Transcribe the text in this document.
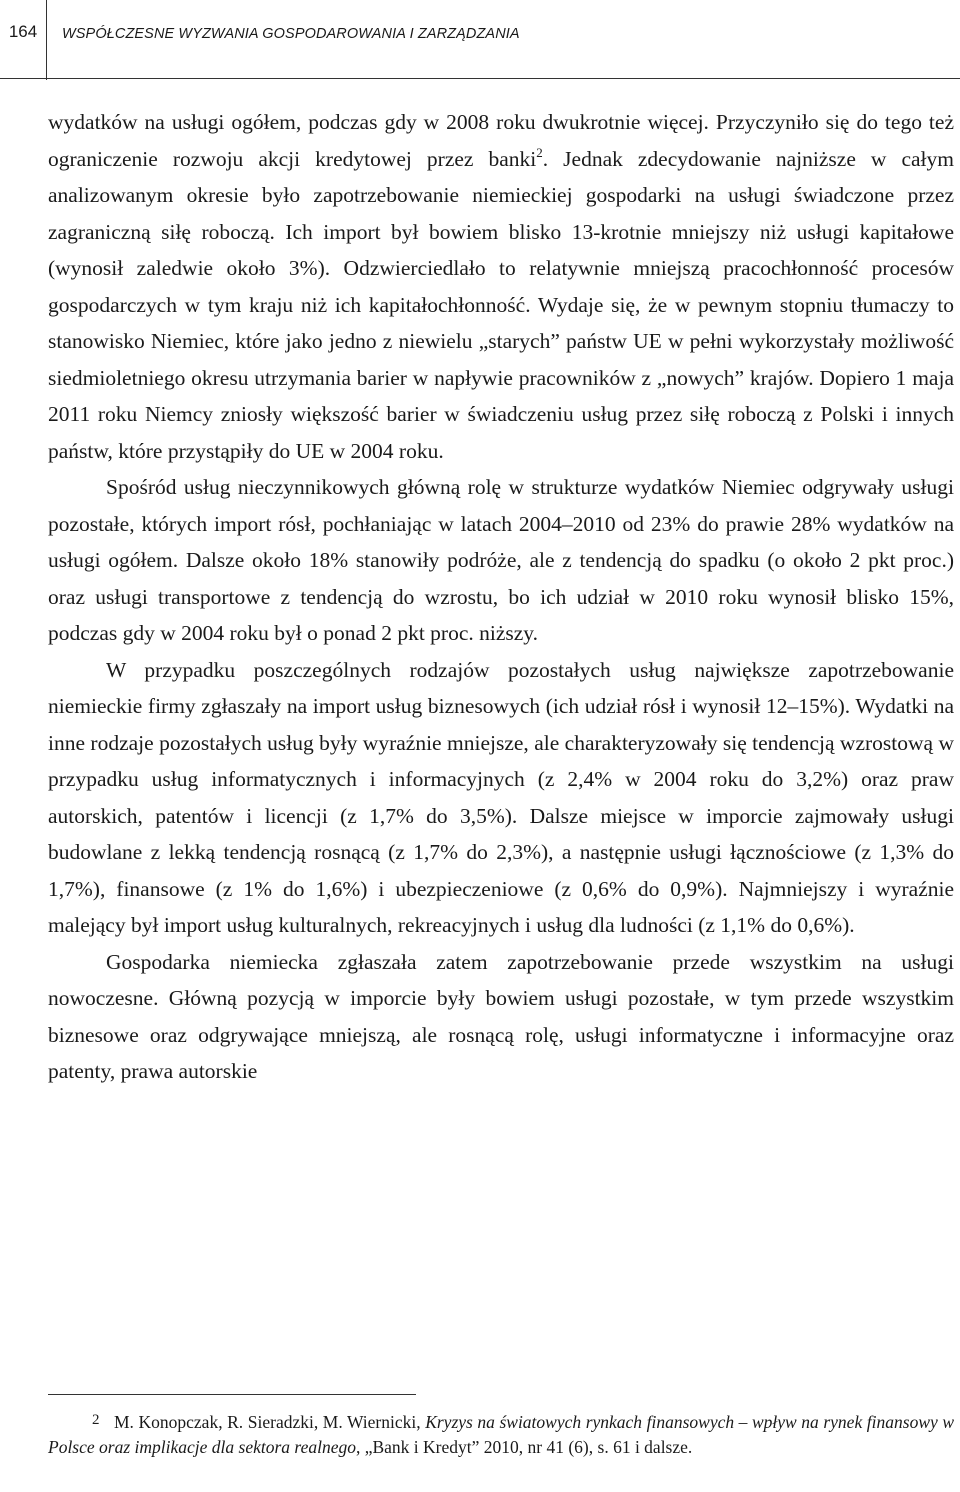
164	WSPÓŁCZESNE WYZWANIA GOSPODAROWANIA I ZARZĄDZANIA

wydatków na usługi ogółem, podczas gdy w 2008 roku dwukrotnie więcej. Przyczyniło się do tego też ograniczenie rozwoju akcji kredytowej przez banki$^2$. Jednak zdecydowanie najniższe w całym analizowanym okresie było zapotrzebowanie niemieckiej gospodarki na usługi świadczone przez zagraniczną siłę roboczą. Ich import był bowiem blisko 13-krotnie mniejszy niż usługi kapitałowe (wynosił zaledwie około 3%). Odzwierciedlało to relatywnie mniejszą pracochłonność procesów gospodarczych w tym kraju niż ich kapitałochłonność. Wydaje się, że w pewnym stopniu tłumaczy to stanowisko Niemiec, które jako jedno z niewielu „starych” państw UE w pełni wykorzystały możliwość siedmioletniego okresu utrzymania barier w napływie pracowników z „nowych” krajów. Dopiero 1 maja 2011 roku Niemcy zniosły większość barier w świadczeniu usług przez siłę roboczą z Polski i innych państw, które przystąpiły do UE w 2004 roku.

Spośród usług nieczynnikowych główną rolę w strukturze wydatków Niemiec odgrywały usługi pozostałe, których import rósł, pochłaniając w latach 2004–2010 od 23% do prawie 28% wydatków na usługi ogółem. Dalsze około 18% stanowiły podróże, ale z tendencją do spadku (o około 2 pkt proc.) oraz usługi transportowe z tendencją do wzrostu, bo ich udział w 2010 roku wynosił blisko 15%, podczas gdy w 2004 roku był o ponad 2 pkt proc. niższy.

W przypadku poszczególnych rodzajów pozostałych usług największe zapotrzebowanie niemieckie firmy zgłaszały na import usług biznesowych (ich udział rósł i wynosił 12–15%). Wydatki na inne rodzaje pozostałych usług były wyraźnie mniejsze, ale charakteryzowały się tendencją wzrostową w przypadku usług informatycznych i informacyjnych (z 2,4% w 2004 roku do 3,2%) oraz praw autorskich, patentów i licencji (z 1,7% do 3,5%). Dalsze miejsce w imporcie zajmowały usługi budowlane z lekką tendencją rosnącą (z 1,7% do 2,3%), a następnie usługi łącznościowe (z 1,3% do 1,7%), finansowe (z 1% do 1,6%) i ubezpieczeniowe (z 0,6% do 0,9%). Najmniejszy i wyraźnie malejący był import usług kulturalnych, rekreacyjnych i usług dla ludności (z 1,1% do 0,6%).

Gospodarka niemiecka zgłaszała zatem zapotrzebowanie przede wszystkim na usługi nowoczesne. Główną pozycją w imporcie były bowiem usługi pozostałe, w tym przede wszystkim biznesowe oraz odgrywające mniejszą, ale rosnącą rolę, usługi informatyczne i informacyjne oraz patenty, prawa autorskie

2 M. Konopczak, R. Sieradzki, M. Wiernicki, Kryzys na światowych rynkach finansowych – wpływ na rynek finansowy w Polsce oraz implikacje dla sektora realnego, „Bank i Kredyt” 2010, nr 41 (6), s. 61 i dalsze.
